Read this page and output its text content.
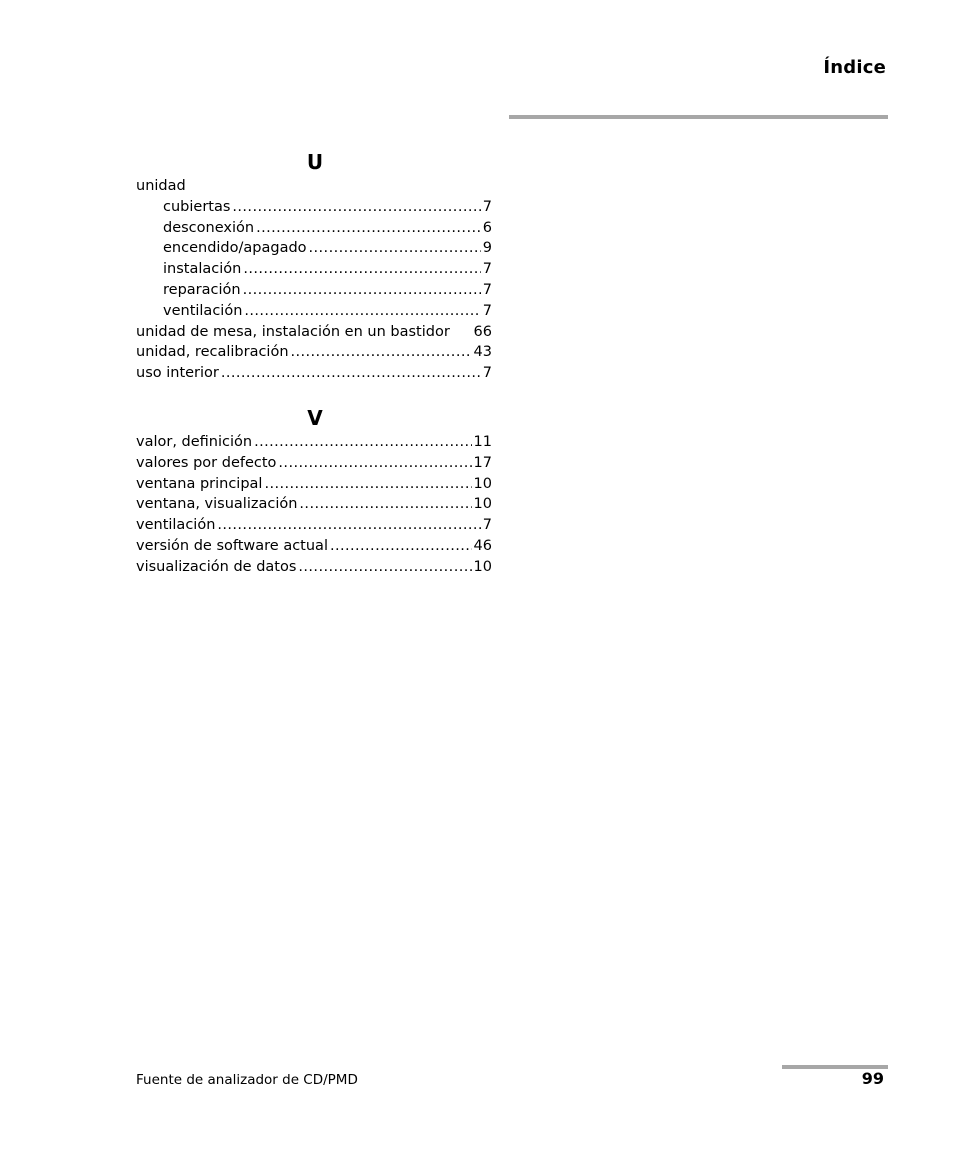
Índice
U
unidad
cubiertas .....	7
desconexión .....	6
encendido/apagado .....	9
instalación .....	7
reparación .....	7
ventilación .....	7
unidad de mesa, instalación en un bastidor 66
unidad, recalibración .....	43
uso interior .....	7
V
valor, definición .....	11
valores por defecto .....	17
ventana principal .....	10
ventana, visualización .....	10
ventilación .....	7
versión de software actual .....	46
visualización de datos .....	10
Fuente de analizador de CD/PMD	99
